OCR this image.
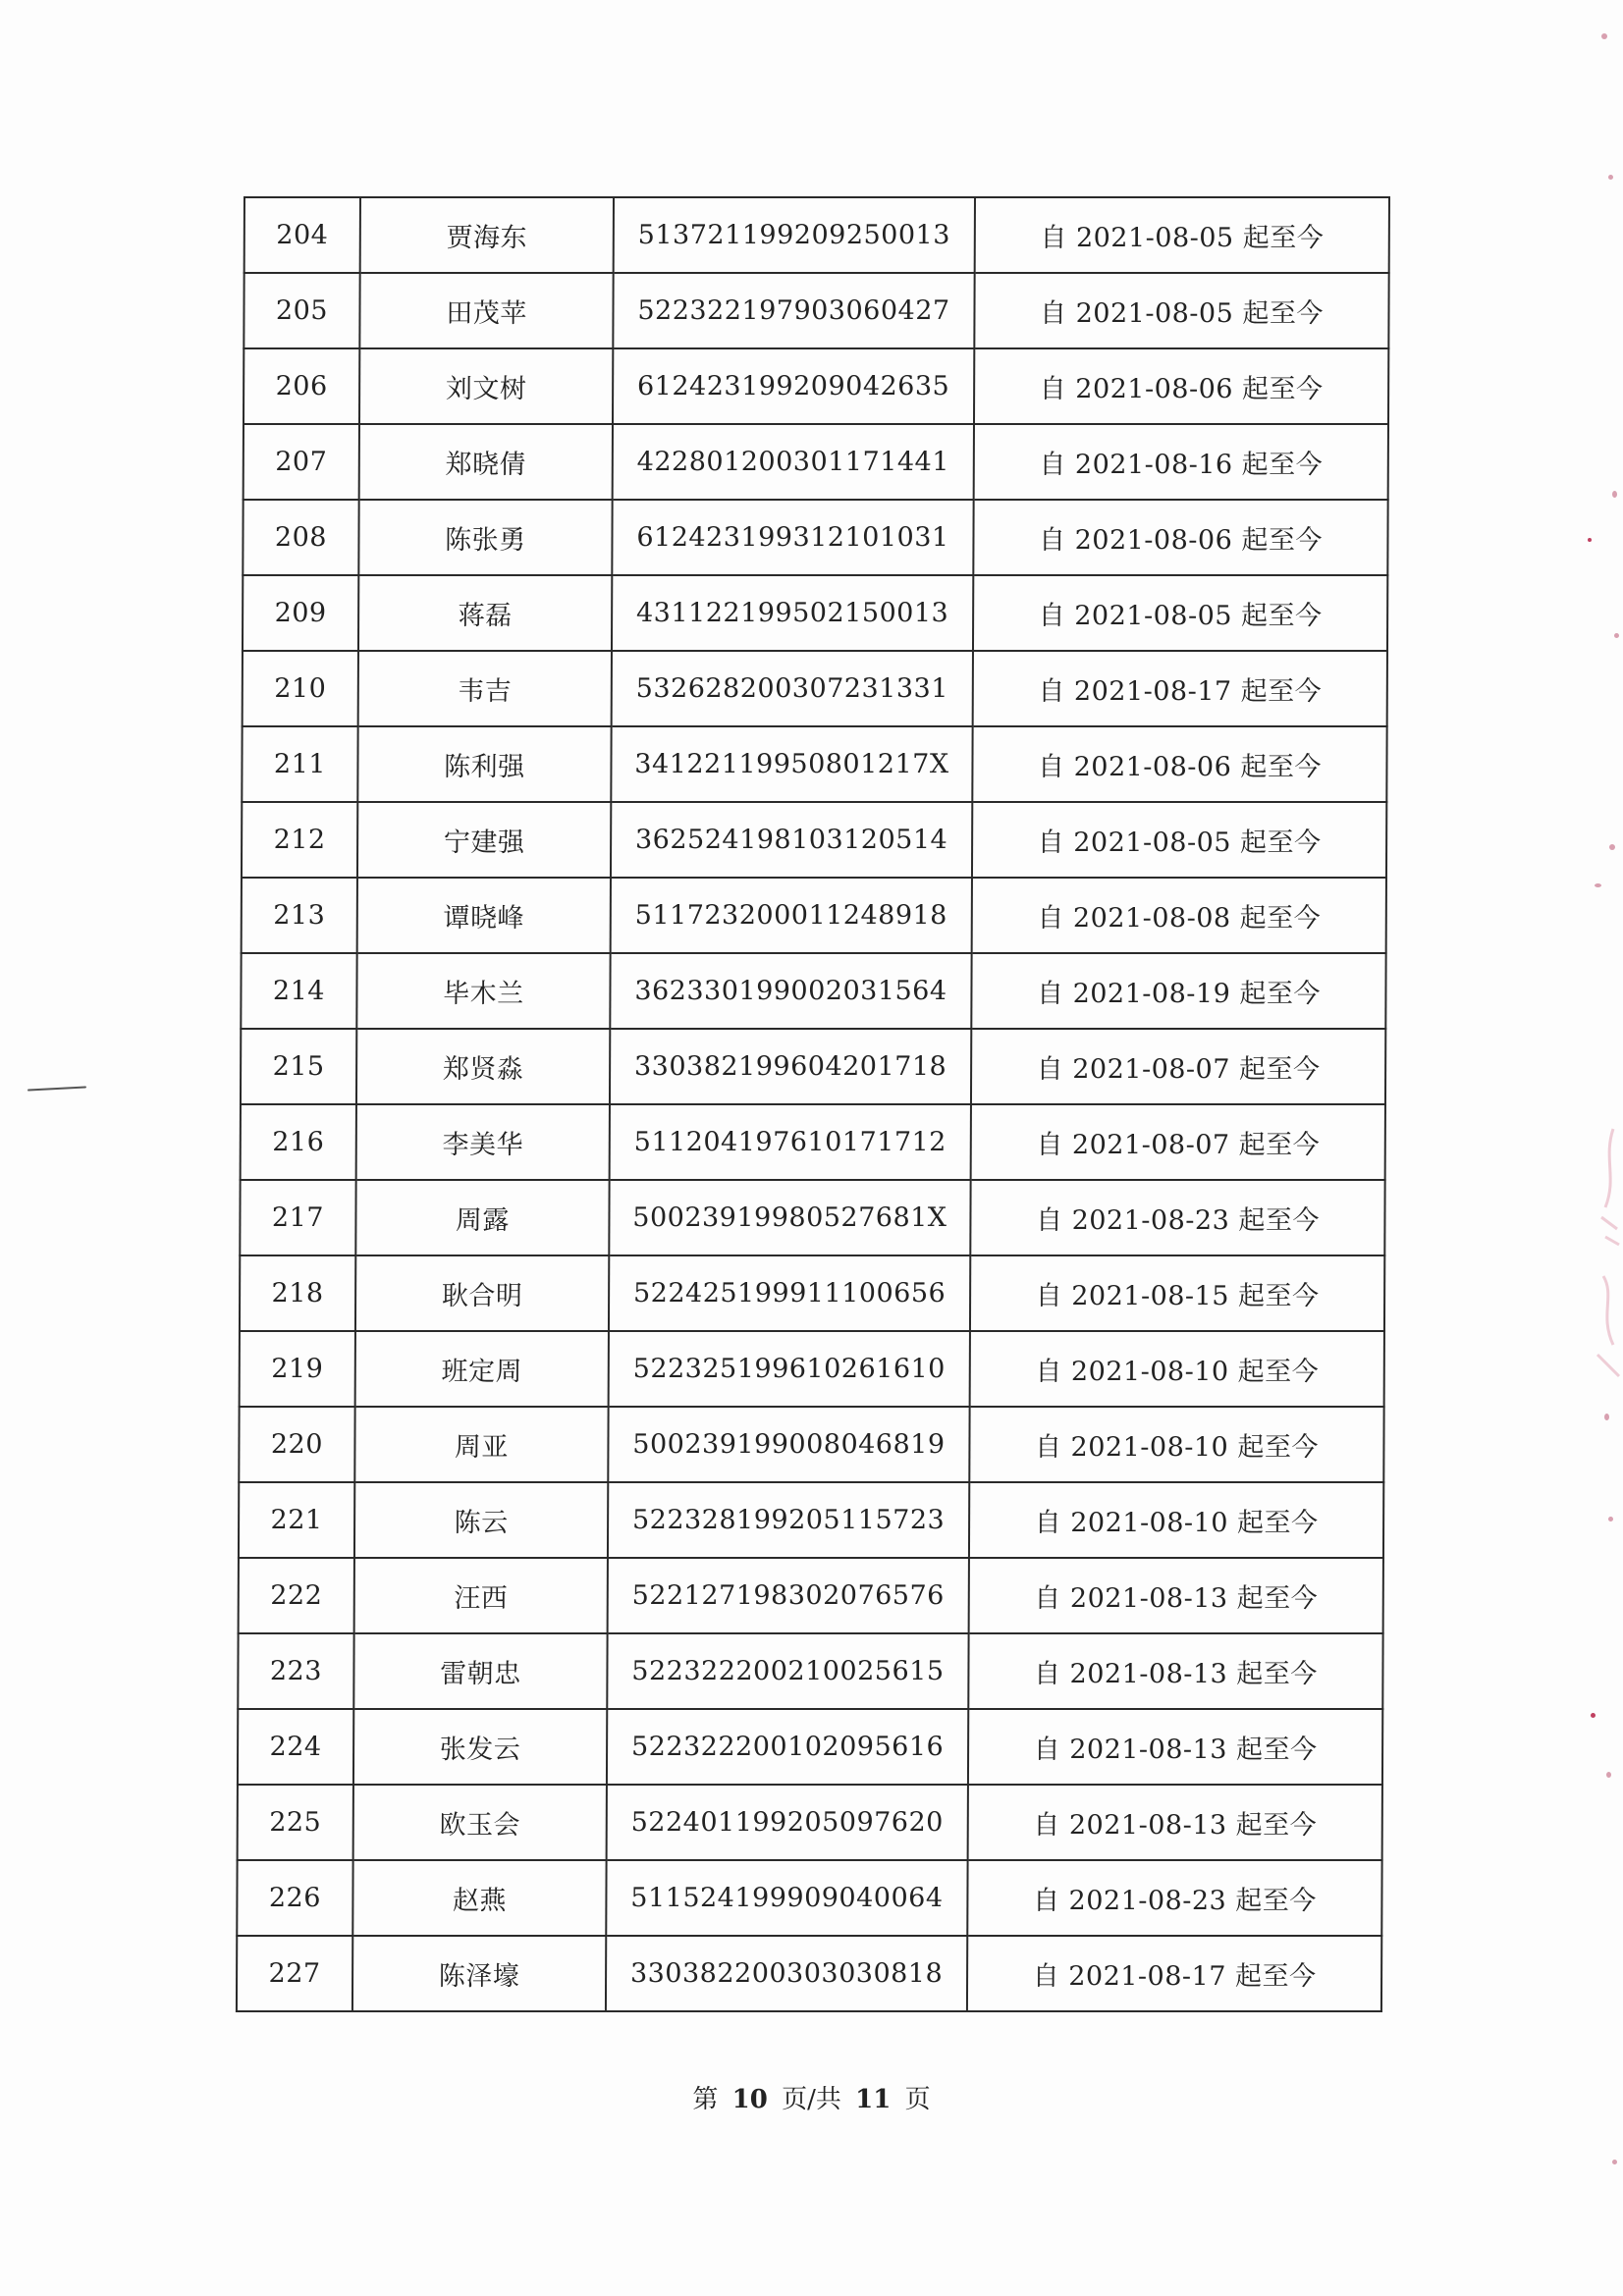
204	贾海东	513721199209250013	自 2021-08-05 起至今
205	田茂苹	522322197903060427	自 2021-08-05 起至今
206	刘文树	612423199209042635	自 2021-08-06 起至今
207	郑晓倩	422801200301171441	自 2021-08-16 起至今
208	陈张勇	612423199312101031	自 2021-08-06 起至今
209	蒋磊	431122199502150013	自 2021-08-05 起至今
210	韦吉	532628200307231331	自 2021-08-17 起至今
211	陈利强	34122119950801217X	自 2021-08-06 起至今
212	宁建强	362524198103120514	自 2021-08-05 起至今
213	谭晓峰	511723200011248918	自 2021-08-08 起至今
214	毕木兰	362330199002031564	自 2021-08-19 起至今
215	郑贤淼	330382199604201718	自 2021-08-07 起至今
216	李美华	511204197610171712	自 2021-08-07 起至今
217	周露	50023919980527681X	自 2021-08-23 起至今
218	耿合明	522425199911100656	自 2021-08-15 起至今
219	班定周	522325199610261610	自 2021-08-10 起至今
220	周亚	500239199008046819	自 2021-08-10 起至今
221	陈云	522328199205115723	自 2021-08-10 起至今
222	汪西	522127198302076576	自 2021-08-13 起至今
223	雷朝忠	522322200210025615	自 2021-08-13 起至今
224	张发云	522322200102095616	自 2021-08-13 起至今
225	欧玉会	522401199205097620	自 2021-08-13 起至今
226	赵燕	511524199909040064	自 2021-08-23 起至今
227	陈泽壕	330382200303030818	自 2021-08-17 起至今
第 10 页/共 11 页
